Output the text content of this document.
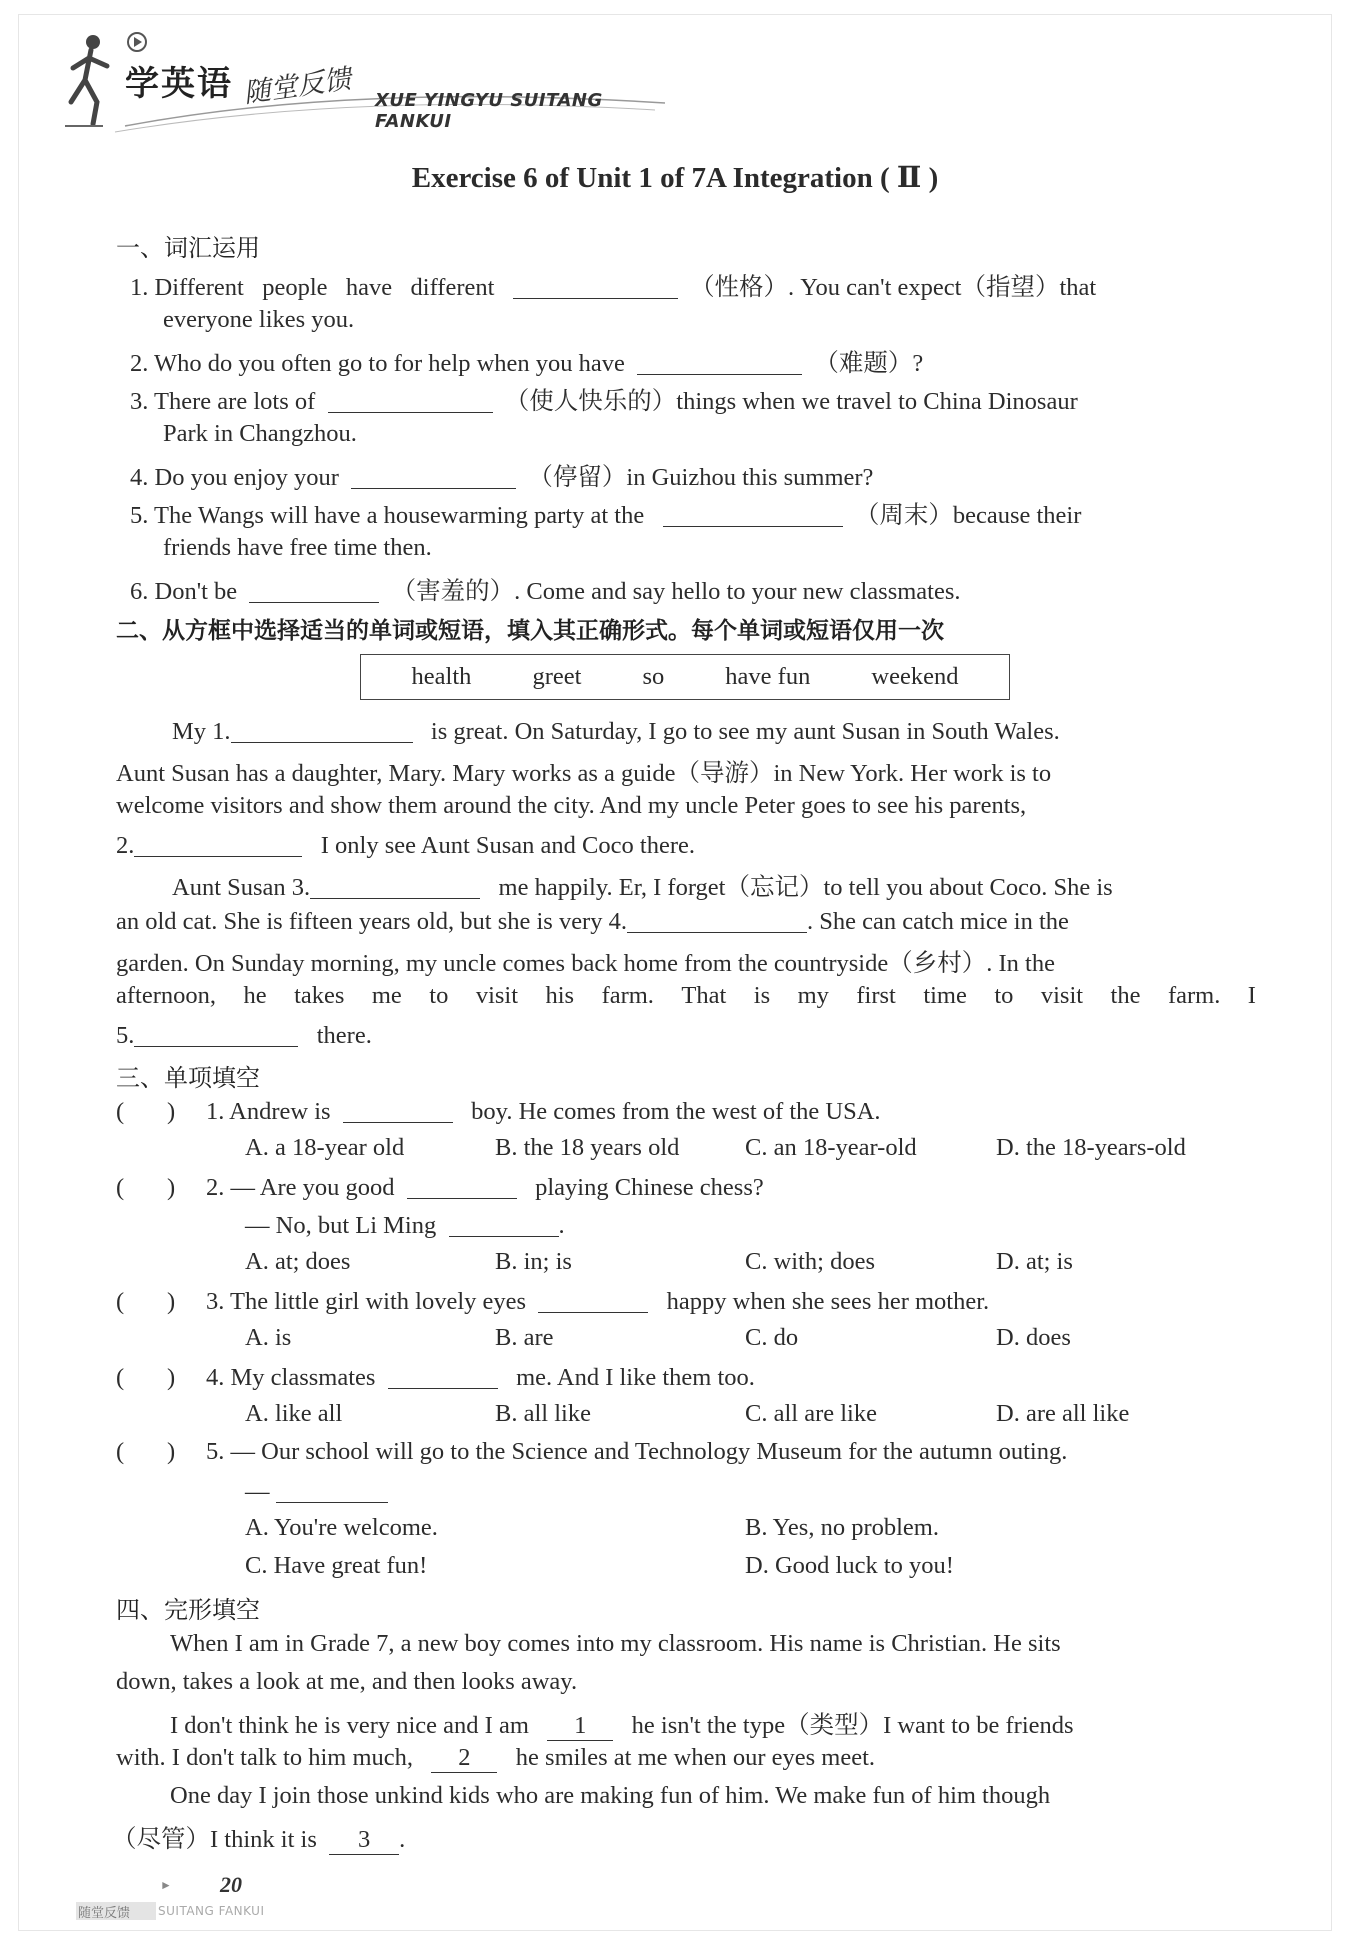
学英语 随堂反馈 XUE YINGYU SUITANG FANKUI
Exercise 6 of Unit 1 of 7A Integration ( Ⅱ )
一、词汇运用
1. Different people have different	（性格）. You can't expect（指望）that
everyone likes you.
2. Who do you often go to for help when you have	（难题）?
3. There are lots of	（使人快乐的）things when we travel to China Dinosaur
Park in Changzhou.
4. Do you enjoy your	（停留）in Guizhou this summer?
5. The Wangs will have a housewarming party at the	（周末）because their
friends have free time then.
6. Don't be	（害羞的）. Come and say hello to your new classmates.
二、从方框中选择适当的单词或短语，填入其正确形式。每个单词或短语仅用一次
health greet so have fun weekend
My 1.	is great. On Saturday, I go to see my aunt Susan in South Wales.
Aunt Susan has a daughter, Mary. Mary works as a guide（导游）in New York. Her work is to
welcome visitors and show them around the city. And my uncle Peter goes to see his parents,
2.	I only see Aunt Susan and Coco there.
Aunt Susan 3.	me happily. Er, I forget（忘记）to tell you about Coco. She is
an old cat. She is fifteen years old, but she is very 4.	. She can catch mice in the
garden. On Sunday morning, my uncle comes back home from the countryside（乡村）. In the
afternoon, he takes me to visit his farm. That is my first time to visit the farm. I
5.	there.
三、单项填空
(       ) 1. Andrew is	boy. He comes from the west of the USA.
A. a 18-year old	B. the 18 years old	C. an 18-year-old	D. the 18-years-old
(       ) 2. — Are you good	playing Chinese chess?
— No, but Li Ming	.
A. at; does	B. in; is	C. with; does	D. at; is
(       ) 3. The little girl with lovely eyes	happy when she sees her mother.
A. is	B. are	C. do	D. does
(       ) 4. My classmates	me. And I like them too.
A. like all	B. all like	C. all are like	D. are all like
(       ) 5. — Our school will go to the Science and Technology Museum for the autumn outing.
—
A. You're welcome.	B. Yes, no problem.
C. Have great fun!	D. Good luck to you!
四、完形填空
When I am in Grade 7, a new boy comes into my classroom. His name is Christian. He sits
down, takes a look at me, and then looks away.
I don't think he is very nice and I am 1 he isn't the type（类型）I want to be friends
with. I don't talk to him much, 2 he smiles at me when our eyes meet.
One day I join those unkind kids who are making fun of him. We make fun of him though
（尽管）I think it is 3 .
► 20
随堂反馈 SUITANG FANKUI
